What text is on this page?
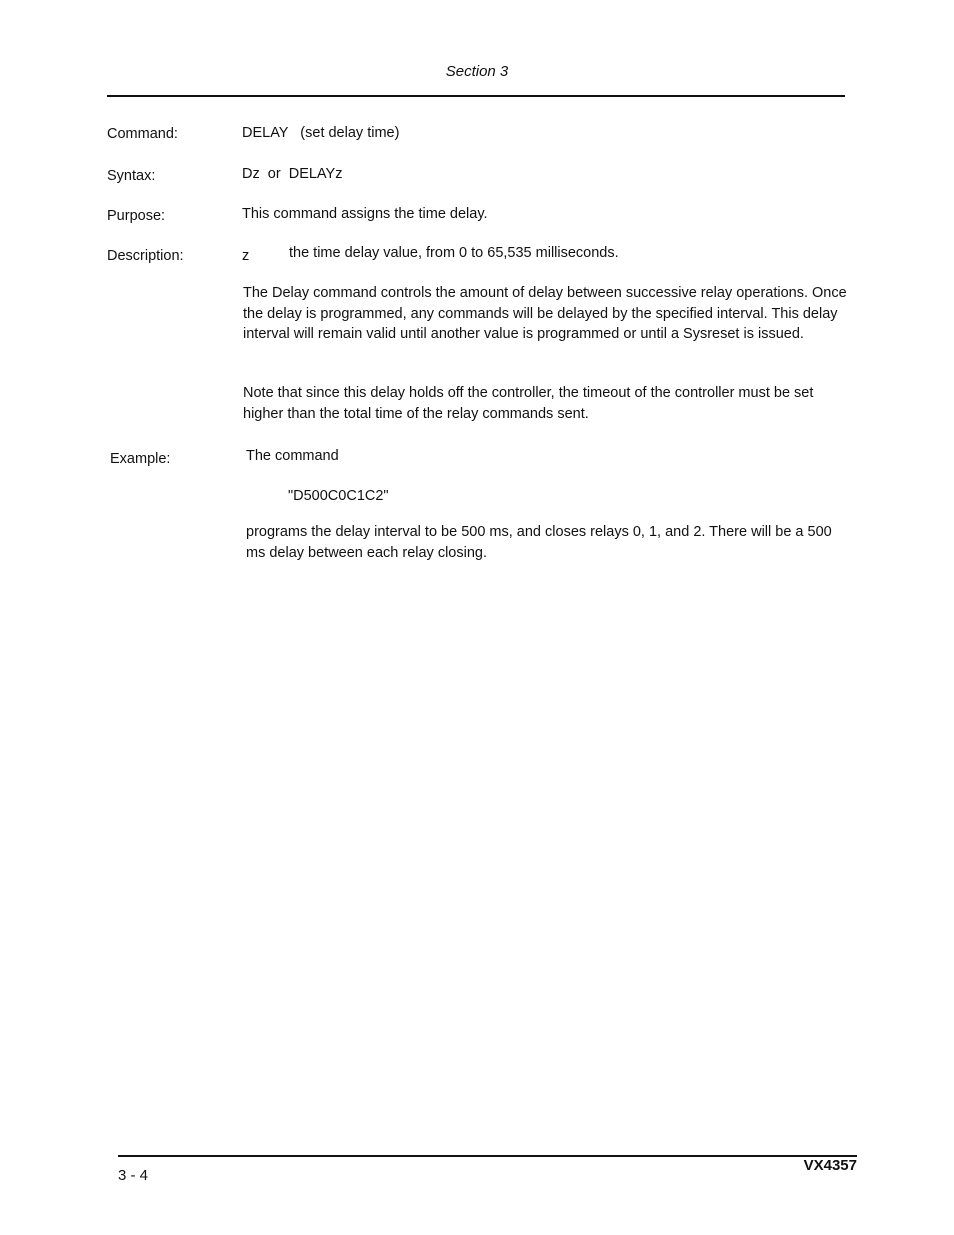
Section 3
Command:	DELAY   (set delay time)
Syntax:	Dz  or  DELAYz
Purpose:	This command assigns the time delay.
Description:	z	the time delay value, from 0 to 65,535 milliseconds.
The Delay command controls the amount of delay between successive relay operations. Once the delay is programmed, any commands will be delayed by the specified interval. This delay interval will remain valid until another value is programmed or until a Sysreset is issued.
Note that since this delay holds off the controller, the timeout of the controller must be set higher than the total time of the relay commands sent.
Example:	The command
"D500C0C1C2"
programs the delay interval to be 500 ms, and closes relays 0, 1, and 2. There will be a 500 ms delay between each relay closing.
3 - 4
VX4357
